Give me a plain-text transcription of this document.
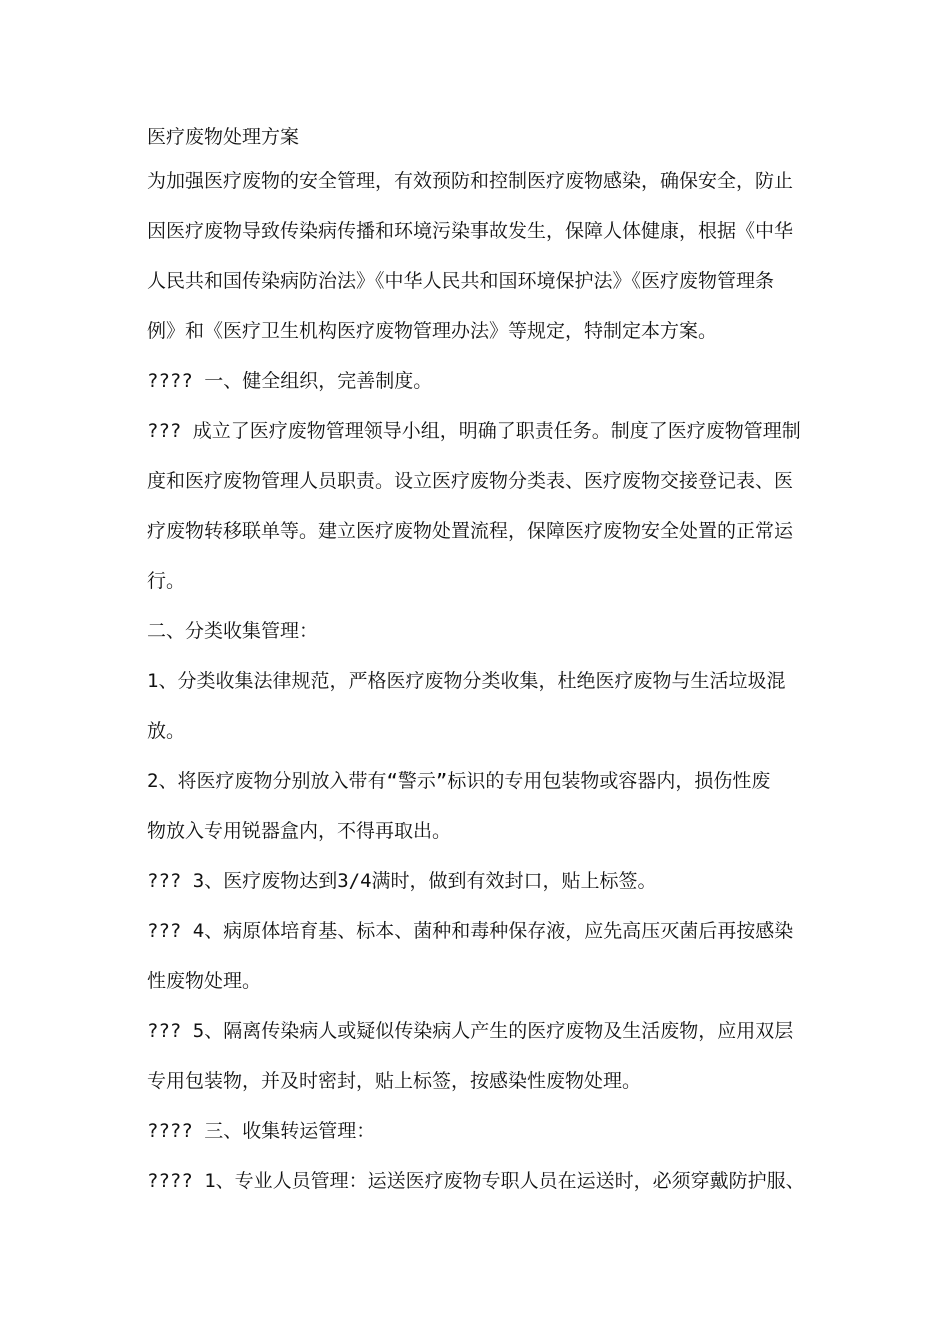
医疗废物处理方案
为加强医疗废物的安全管理，有效预防和控制医疗废物感染，确保安全，防止
因医疗废物导致传染病传播和环境污染事故发生，保障人体健康，根据《中华
人民共和国传染病防治法》《中华人民共和国环境保护法》《医疗废物管理条
例》和《医疗卫生机构医疗废物管理办法》等规定，特制定本方案。
???? 一、健全组织，完善制度。
??? 成立了医疗废物管理领导小组，明确了职责任务。制度了医疗废物管理制
度和医疗废物管理人员职责。设立医疗废物分类表、医疗废物交接登记表、医
疗废物转移联单等。建立医疗废物处置流程，保障医疗废物安全处置的正常运
行。
二、分类收集管理：
1、分类收集法律规范，严格医疗废物分类收集，杜绝医疗废物与生活垃圾混
放。
2、将医疗废物分别放入带有“警示”标识的专用包装物或容器内，损伤性废
物放入专用锐器盒内，不得再取出。
??? 3、医疗废物达到3/4满时，做到有效封口，贴上标签。
??? 4、病原体培育基、标本、菌种和毒种保存液，应先高压灭菌后再按感染
性废物处理。
??? 5、隔离传染病人或疑似传染病人产生的医疗废物及生活废物，应用双层
专用包装物，并及时密封，贴上标签，按感染性废物处理。
???? 三、收集转运管理：
???? 1、专业人员管理：运送医疗废物专职人员在运送时，必须穿戴防护服、
